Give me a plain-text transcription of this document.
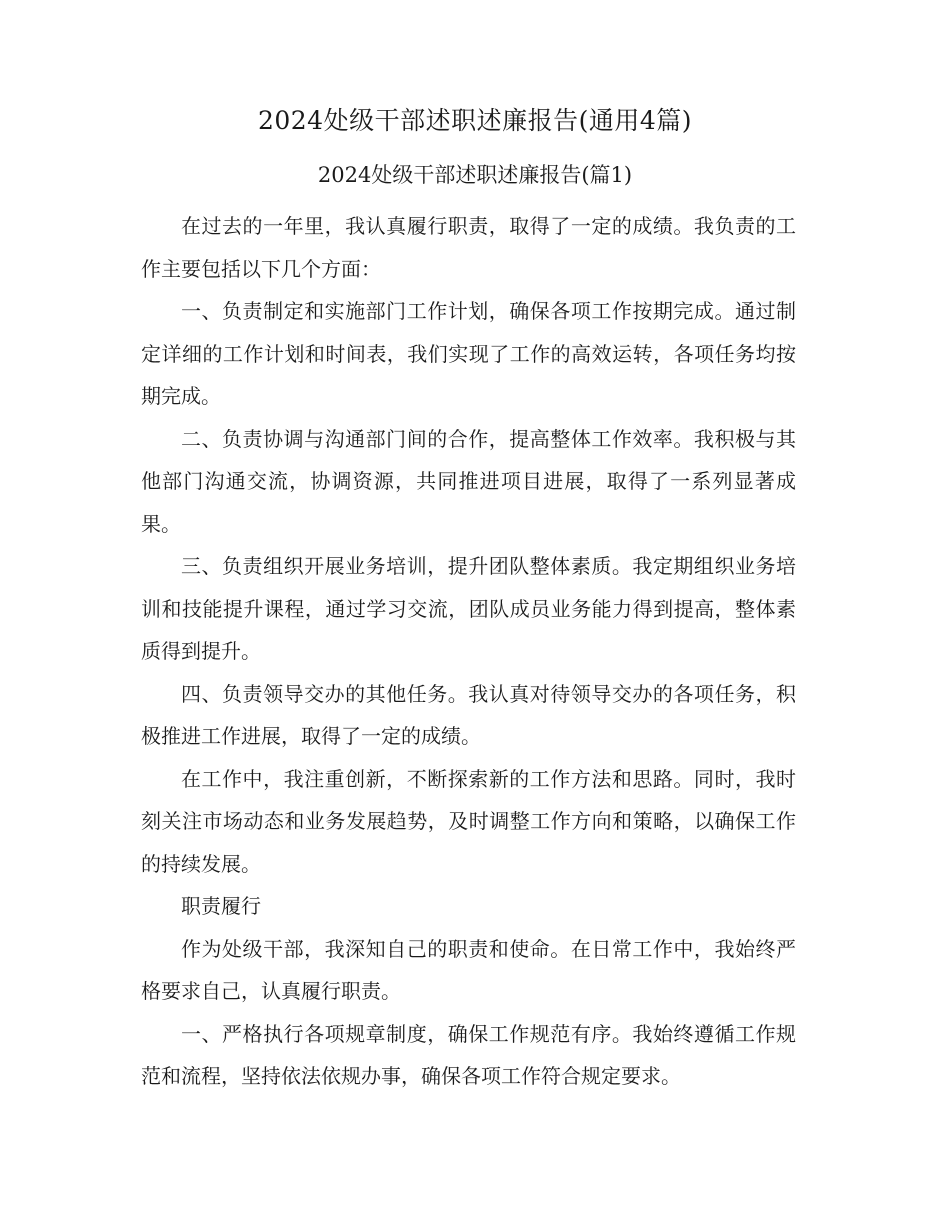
2024处级干部述职述廉报告(通用4篇)
2024处级干部述职述廉报告(篇1)

在过去的一年里，我认真履行职责，取得了一定的成绩。我负责的工作主要包括以下几个方面：

一、负责制定和实施部门工作计划，确保各项工作按期完成。通过制定详细的工作计划和时间表，我们实现了工作的高效运转，各项任务均按期完成。

二、负责协调与沟通部门间的合作，提高整体工作效率。我积极与其他部门沟通交流，协调资源，共同推进项目进展，取得了一系列显著成果。

三、负责组织开展业务培训，提升团队整体素质。我定期组织业务培训和技能提升课程，通过学习交流，团队成员业务能力得到提高，整体素质得到提升。

四、负责领导交办的其他任务。我认真对待领导交办的各项任务，积极推进工作进展，取得了一定的成绩。

在工作中，我注重创新，不断探索新的工作方法和思路。同时，我时刻关注市场动态和业务发展趋势，及时调整工作方向和策略，以确保工作的持续发展。

职责履行

作为处级干部，我深知自己的职责和使命。在日常工作中，我始终严格要求自己，认真履行职责。

一、严格执行各项规章制度，确保工作规范有序。我始终遵循工作规范和流程，坚持依法依规办事，确保各项工作符合规定要求。
